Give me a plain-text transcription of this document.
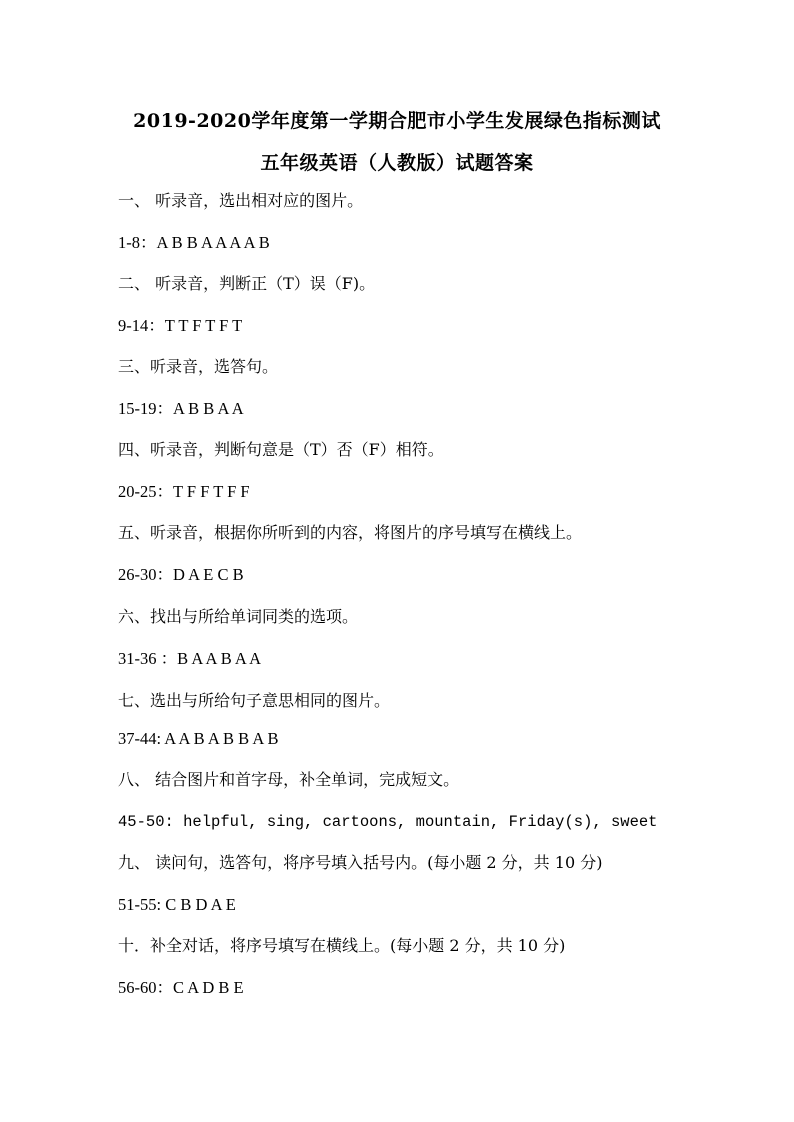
2019-2020学年度第一学期合肥市小学生发展绿色指标测试
五年级英语（人教版）试题答案
一、 听录音，选出相对应的图片。
1-8：A B B A A A A B
二、 听录音，判断正（T）误（F)。
9-14：T T F T F T
三、听录音，选答句。
15-19：A B B A A
四、听录音，判断句意是（T）否（F）相符。
20-25：T F F T F F
五、听录音，根据你所听到的内容，将图片的序号填写在横线上。
26-30：D A E C B
六、找出与所给单词同类的选项。
31-36 ：B A A B A A
七、选出与所给句子意思相同的图片。
37-44: A A B A B B A B
八、 结合图片和首字母，补全单词，完成短文。
45-50: helpful, sing, cartoons, mountain, Friday(s), sweet
九、 读问句，选答句，将序号填入括号内。(每小题 2 分，共 10 分)
51-55: C B D A E
十．补全对话，将序号填写在横线上。(每小题 2 分，共 10 分)
56-60：C A D B E
